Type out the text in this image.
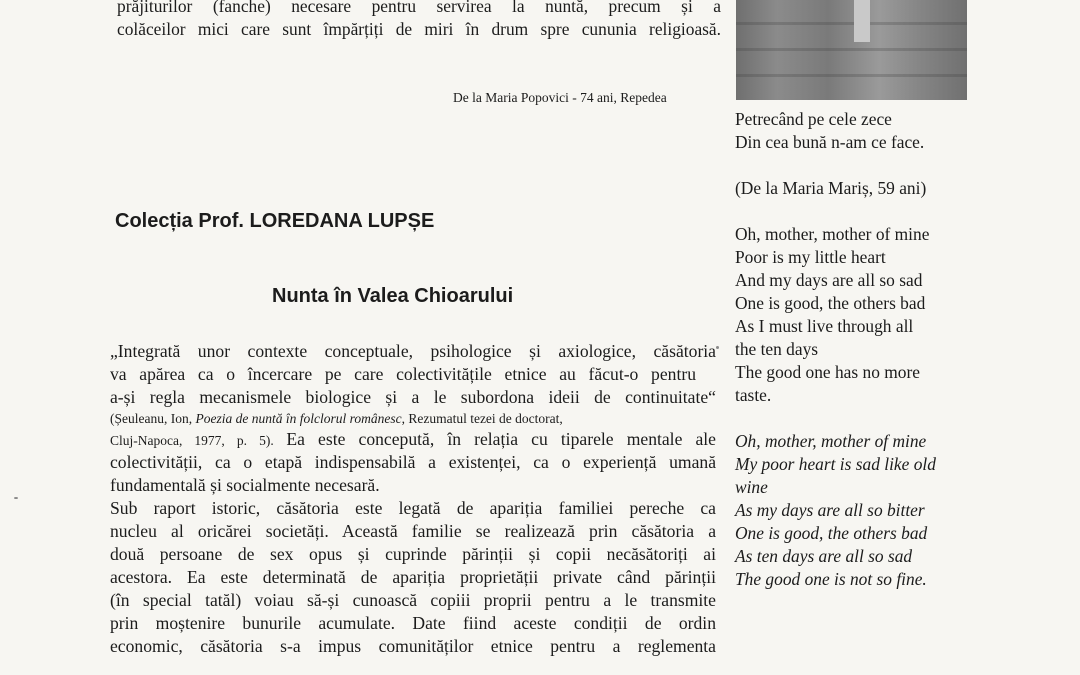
prăjiturilor (fanche) necesare pentru servirea la nuntă, precum și a
colăceilor mici care sunt împărțiți de miri în drum spre cununia religioasă.
De la Maria Popovici - 74 ani, Repedea
Colecția Prof. LOREDANA LUPȘE
Nunta în Valea Chioarului
„Integrată unor contexte conceptuale, psihologice și axiologice, căsătoria
va apărea ca o încercare pe care colectivitățile etnice au făcut-o pentru
a-și regla mecanismele biologice și a le subordona ideii de continuitate“
(Șeuleanu, Ion, Poezia de nuntă în folclorul românesc, Rezumatul tezei de doctorat,
Cluj-Napoca, 1977, p. 5). Ea este concepută, în relația cu tiparele mentale ale
colectivității, ca o etapă indispensabilă a existenței, ca o experiență umană
fundamentală și socialmente necesară.
Sub raport istoric, căsătoria este legată de apariția familiei pereche ca
nucleu al oricărei societăți. Această familie se realizează prin căsătoria a
două persoane de sex opus și cuprinde părinții și copii necăsătoriți ai
acestora. Ea este determinată de apariția proprietății private când părinții
(în special tatăl) voiau să-și cunoască copiii proprii pentru a le transmite
prin moștenire bunurile acumulate. Date fiind aceste condiții de ordin
economic, căsătoria s-a impus comunităților etnice pentru a reglementa
Petrecând pe cele zece
Din cea bună n-am ce face.
(De la Maria Mariș, 59 ani)
Oh, mother, mother of mine
Poor is my little heart
And my days are all so sad
One is good, the others bad
As I must live through all
the ten days
The good one has no more
taste.
Oh, mother, mother of mine
My poor heart is sad like old
wine
As my days are all so bitter
One is good, the others bad
As ten days are all so sad
The good one is not so fine.
